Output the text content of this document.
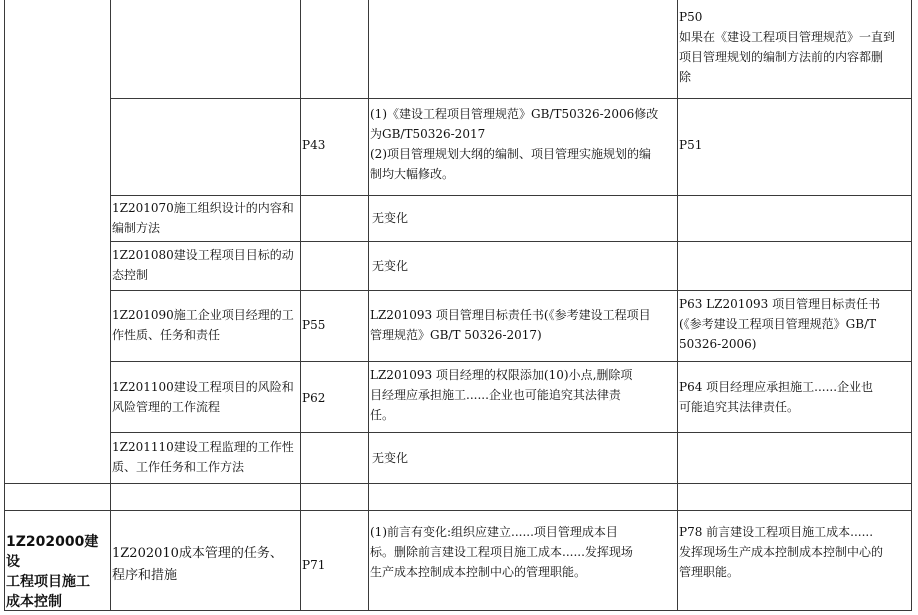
P50
如果在《建设工程项目管理规范》一直到
项目管理规划的编制方法前的内容都删
除
P43
(1)《建设工程项目管理规范》GB/T50326-2006修改
为GB/T50326-2017
(2)项目管理规划大纲的编制、项目管理实施规划的编
制均大幅修改。
P51
1Z201070施工组织设计的内容和
编制方法
无变化
1Z201080建设工程项目目标的动
态控制
无变化
1Z201090施工企业项目经理的工
作性质、任务和责任
P55
LZ201093 项目管理目标责任书(《参考建设工程项目
管理规范》GB/T 50326-2017)
P63 LZ201093 项目管理目标责任书
(《参考建设工程项目管理规范》GB/T
50326-2006)
1Z201100建设工程项目的风险和
风险管理的工作流程
P62
LZ201093 项目经理的权限添加(10)小点,删除项
目经理应承担施工......企业也可能追究其法律责
任。
P64 项目经理应承担施工......企业也
可能追究其法律责任。
1Z201110建设工程监理的工作性
质、工作任务和工作方法
无变化
1Z202000建设
工程项目施工
成本控制
1Z202010成本管理的任务、
程序和措施
P71
(1)前言有变化:组织应建立......项目管理成本目
标。删除前言建设工程项目施工成本......发挥现场
生产成本控制成本控制中心的管理职能。
P78 前言建设工程项目施工成本......
发挥现场生产成本控制成本控制中心的
管理职能。
